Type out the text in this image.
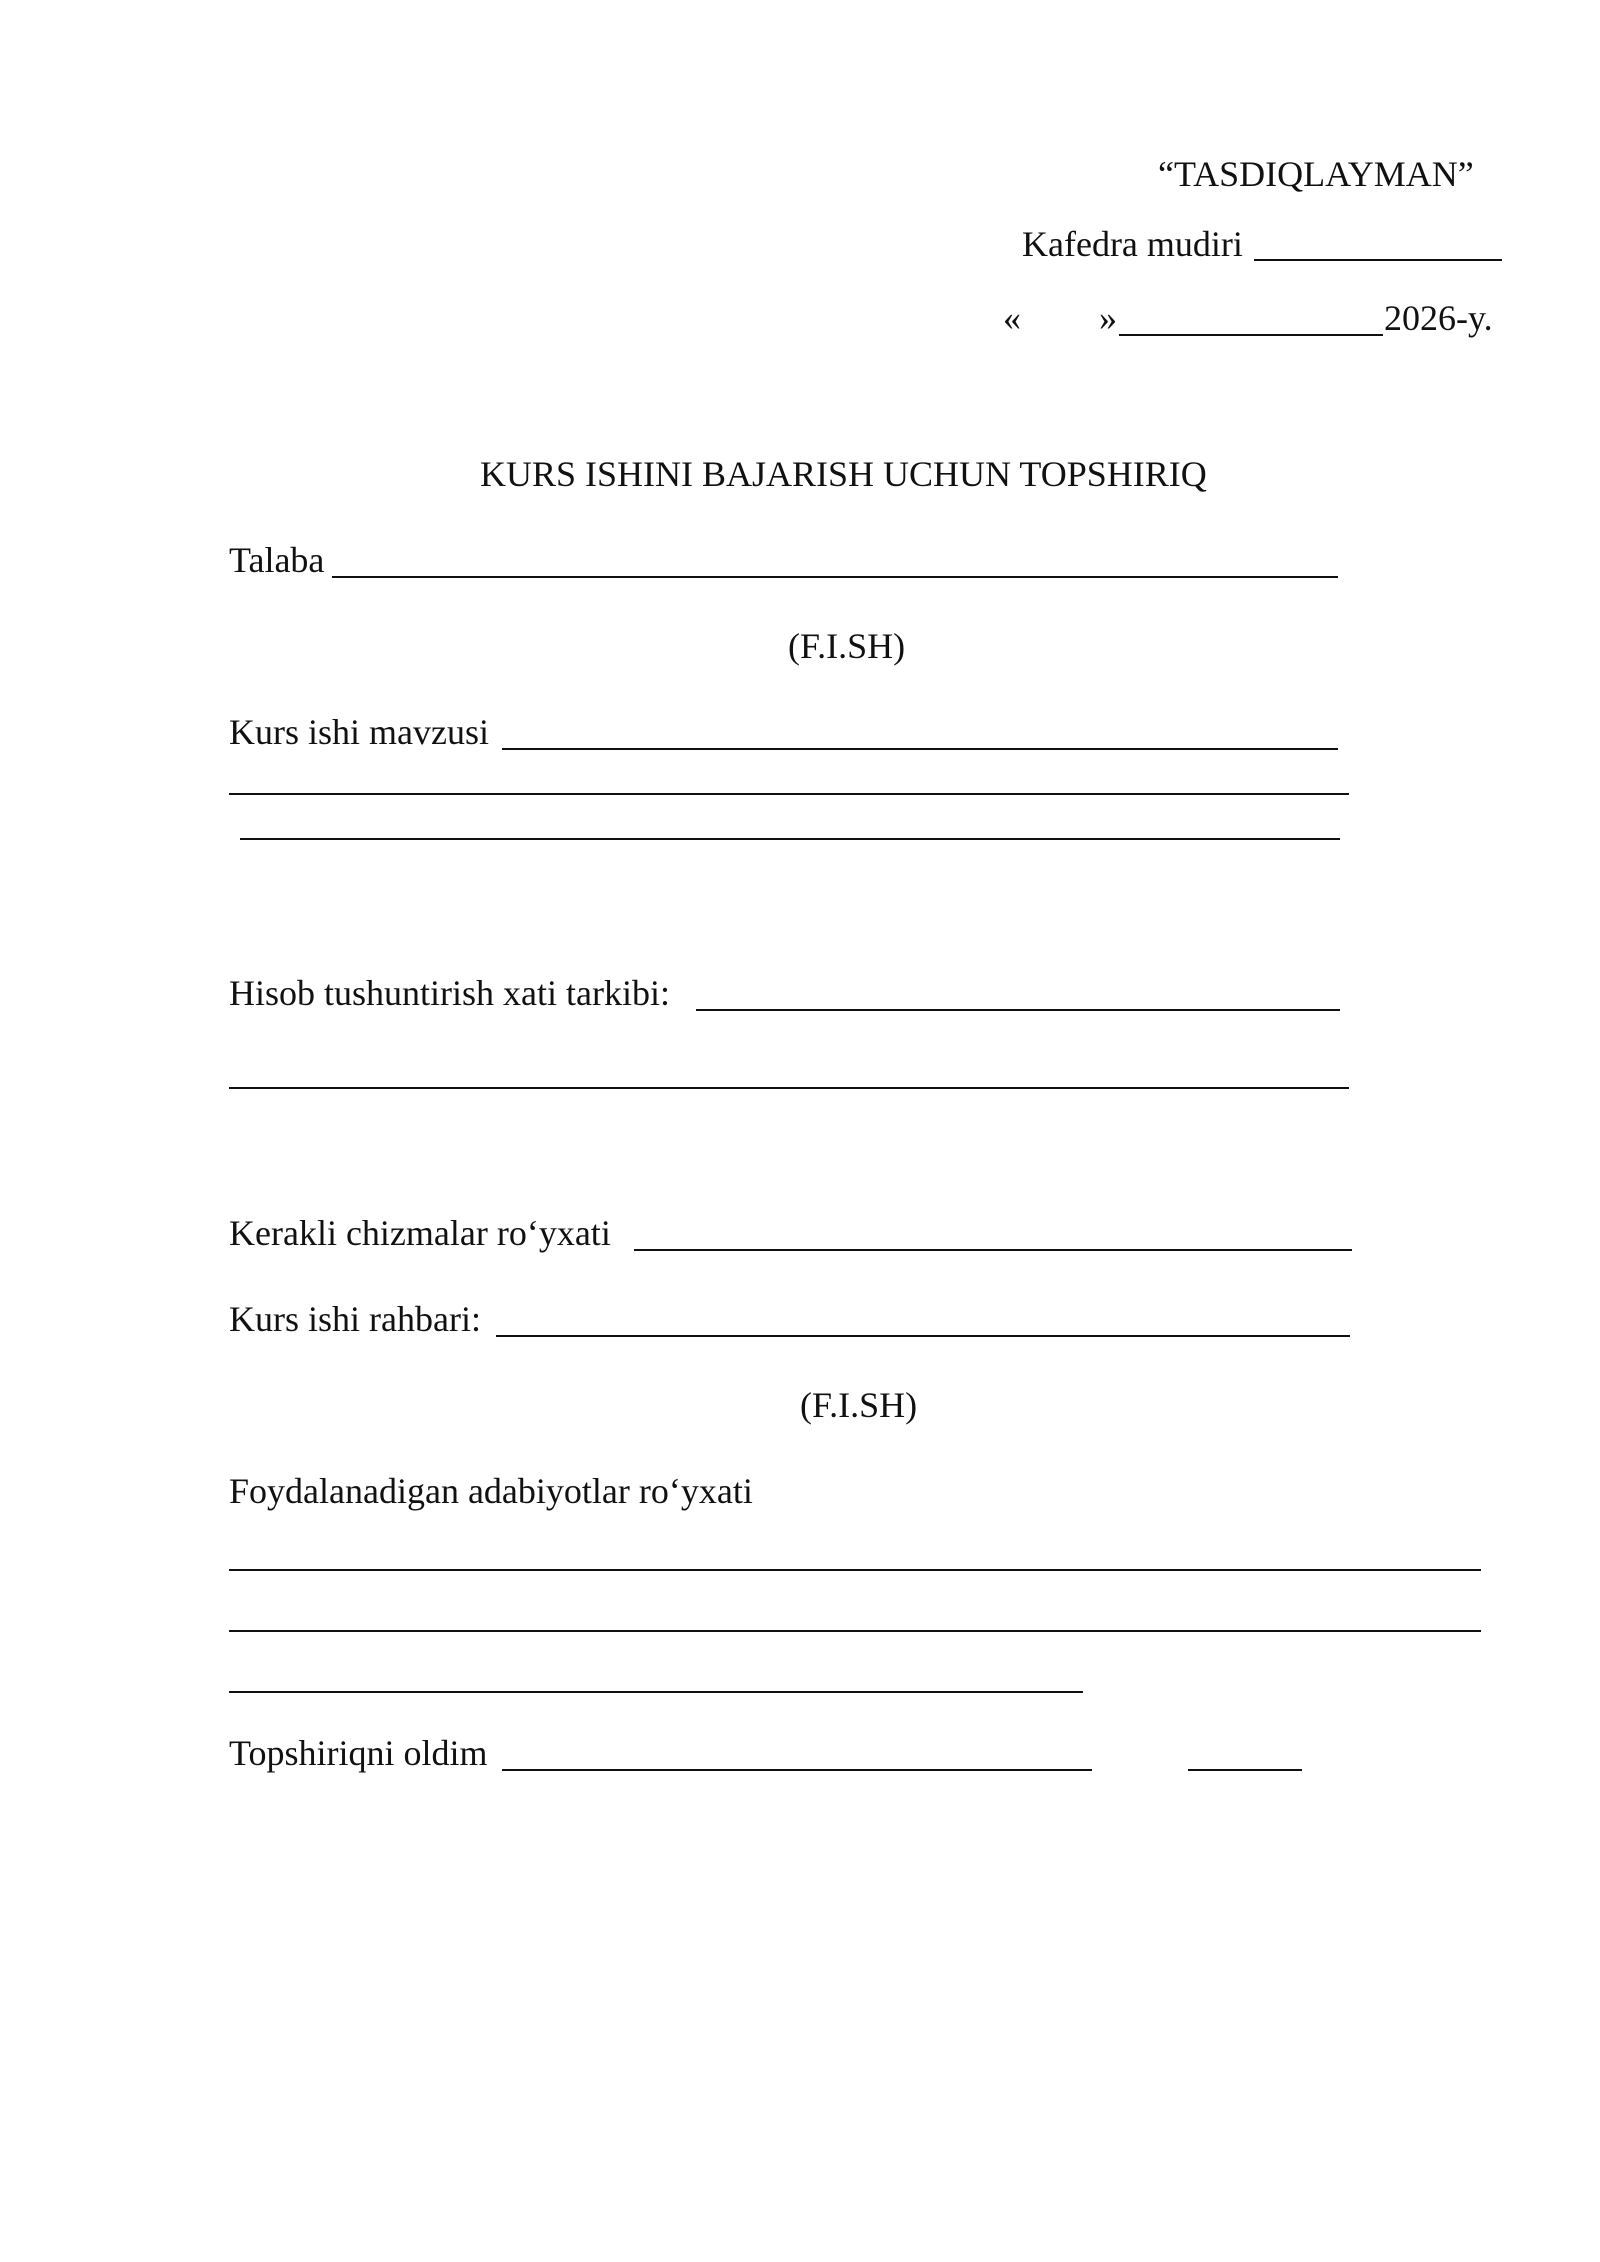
“TASDIQLAYMAN”
Kafedra mudiri
« »	2026-y.
KURS ISHINI BAJARISH UCHUN TOPSHIRIQ
Talaba
(F.I.SH)
Kurs ishi mavzusi
Hisob tushuntirish xati tarkibi:
Kerakli chizmalar ro‘yxati
Kurs ishi rahbari:
(F.I.SH)
Foydalanadigan adabiyotlar ro‘yxati
Topshiriqni oldim
